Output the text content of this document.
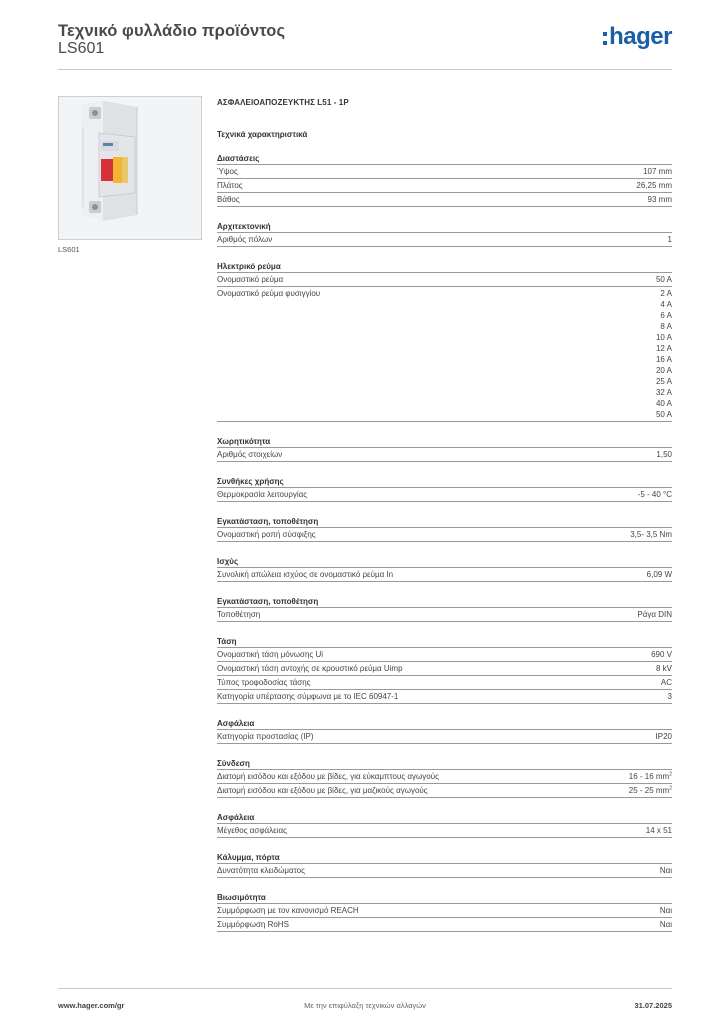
Τεχνικό φυλλάδιο προϊόντος
LS601	hager
LS601
ΑΣΦΑΛΕΙΟΑΠΟΖΕΥΚΤΗΣ L51 - 1P
Τεχνικά χαρακτηριστικά
Διαστάσεις
Ύψος	107 mm
Πλάτος	26,25 mm
Βάθος	93 mm
Αρχιτεκτονική
Αριθμός πόλων	1
Ηλεκτρικό ρεύμα
Ονομαστικό ρεύμα	50 A
Ονομαστικό ρεύμα φυσιγγίου	2 A
4 A
6 A
8 A
10 A
12 A
16 A
20 A
25 A
32 A
40 A
50 A
Χωρητικότητα
Αριθμός στοιχείων	1,50
Συνθήκες χρήσης
Θερμοκρασία λειτουργίας	-5 - 40 °C
Εγκατάσταση, τοποθέτηση
Ονομαστική ροπή σύσφιξης	3,5- 3,5 Nm
Ισχύς
Συνολική απώλεια ισχύος σε ονομαστικό ρεύμα In	6,09 W
Εγκατάσταση, τοποθέτηση
Τοποθέτηση	Ράγα DIN
Τάση
Ονομαστική τάση μόνωσης Ui	690 V
Ονομαστική τάση αντοχής σε κρουστικό ρεύμα Uimp	8 kV
Τύπος τροφοδοσίας τάσης	AC
Κατηγορία υπέρτασης σύμφωνα με το IEC 60947-1	3
Ασφάλεια
Κατηγορία προστασίας (IP)	IP20
Σύνδεση
Διατομή εισόδου και εξόδου με βίδες, για εύκαμπτους αγωγούς	16 - 16 $mm^2$
Διατομή εισόδου και εξόδου με βίδες, για μαζικούς αγωγούς	25 - 25 $mm^2$
Ασφάλεια
Μέγεθος ασφάλειας	14 x 51
Κάλυμμα, πόρτα
Δυνατότητα κλειδώματος	Ναι
Βιωσιμότητα
Συμμόρφωση με τον κανονισμό REACH	Ναι
Συμμόρφωση RoHS	Ναι
www.hager.com/gr	Με την επιφύλαξη τεχνικών αλλαγών	31.07.2025
